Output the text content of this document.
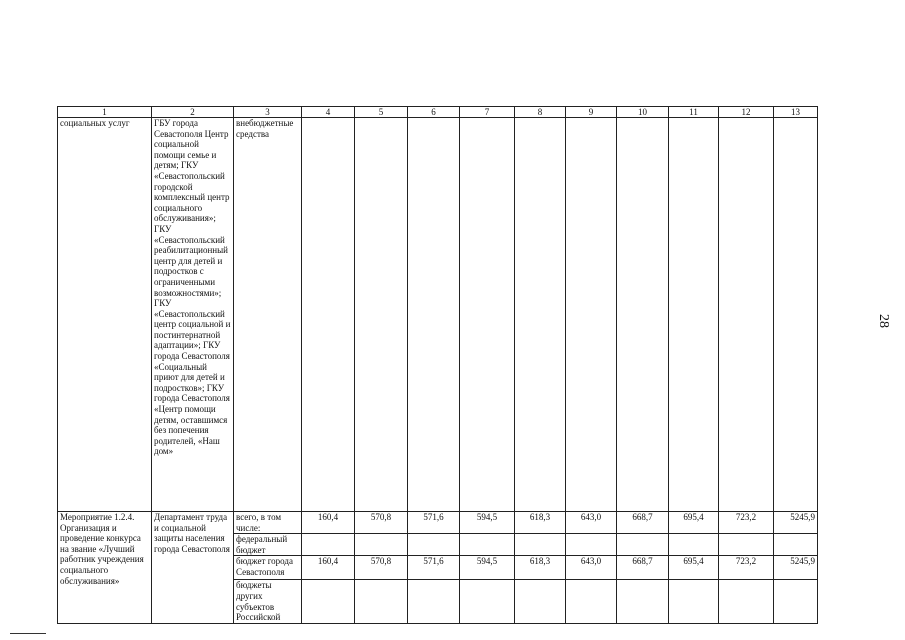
28
1	2	3	4	5	6	7	8	9	10	11	12	13
социальных услуг	ГБУ города Севастополя Центр социальной помощи семье и детям; ГКУ «Севастопольский городской комплексный центр социального обслуживания»; ГКУ «Севастопольский реабилитационный центр для детей и подростков с ограниченными возможностями»; ГКУ «Севастопольский центр социальной и постинтернатной адаптации»; ГКУ города Севастополя «Социальный приют для детей и подростков»; ГКУ города Севастополя «Центр помощи детям, оставшимся без попечения родителей, «Наш дом»	внебюджетные средства										
Мероприятие 1.2.4. Организация и проведение конкурса на звание «Лучший работник учреждения социального обслуживания»	Департамент труда и социальной защиты населения города Севастополя	всего, в том числе:	160,4	570,8	571,6	594,5	618,3	643,0	668,7	695,4	723,2	5245,9
		федеральный бюджет										
		бюджет города Севастополя	160,4	570,8	571,6	594,5	618,3	643,0	668,7	695,4	723,2	5245,9
		бюджеты других субъектов Российской										
